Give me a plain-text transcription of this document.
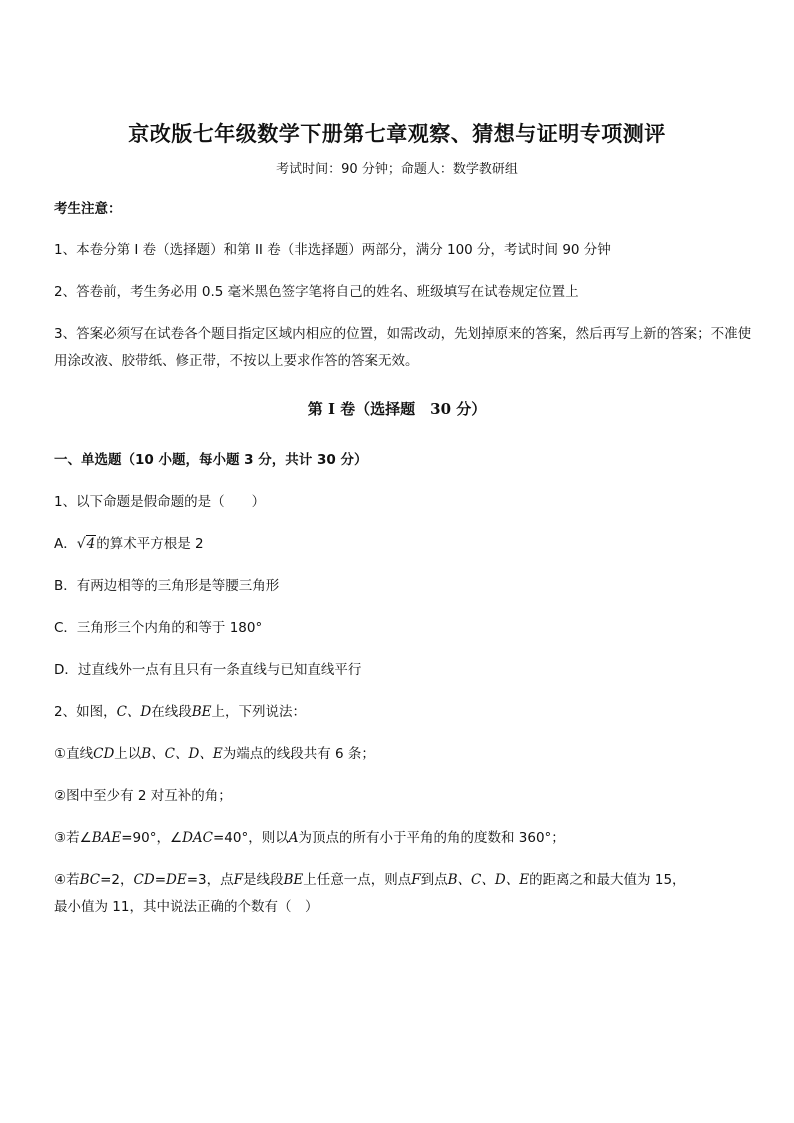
京改版七年级数学下册第七章观察、猜想与证明专项测评
考试时间：90 分钟；命题人：数学教研组
考生注意：
1、本卷分第 I 卷（选择题）和第 II 卷（非选择题）两部分，满分 100 分，考试时间 90 分钟
2、答卷前，考生务必用 0.5 毫米黑色签字笔将自己的姓名、班级填写在试卷规定位置上
3、答案必须写在试卷各个题目指定区域内相应的位置，如需改动，先划掉原来的答案，然后再写上新的答案；不准使用涂改液、胶带纸、修正带，不按以上要求作答的答案无效。
第 I 卷（选择题　30 分）
一、单选题（10 小题，每小题 3 分，共计 30 分）
1、以下命题是假命题的是（　　）
A．√4的算术平方根是 2
B．有两边相等的三角形是等腰三角形
C．三角形三个内角的和等于 180°
D．过直线外一点有且只有一条直线与已知直线平行
2、如图，C、D在线段BE上，下列说法：
①直线CD上以B、C、D、E为端点的线段共有 6 条；
②图中至少有 2 对互补的角；
③若∠BAE=90°，∠DAC=40°，则以A为顶点的所有小于平角的角的度数和 360°；
④若BC=2，CD=DE=3，点F是线段BE上任意一点，则点F到点B、C、D、E的距离之和最大值为 15，
最小值为 11，其中说法正确的个数有（　）
